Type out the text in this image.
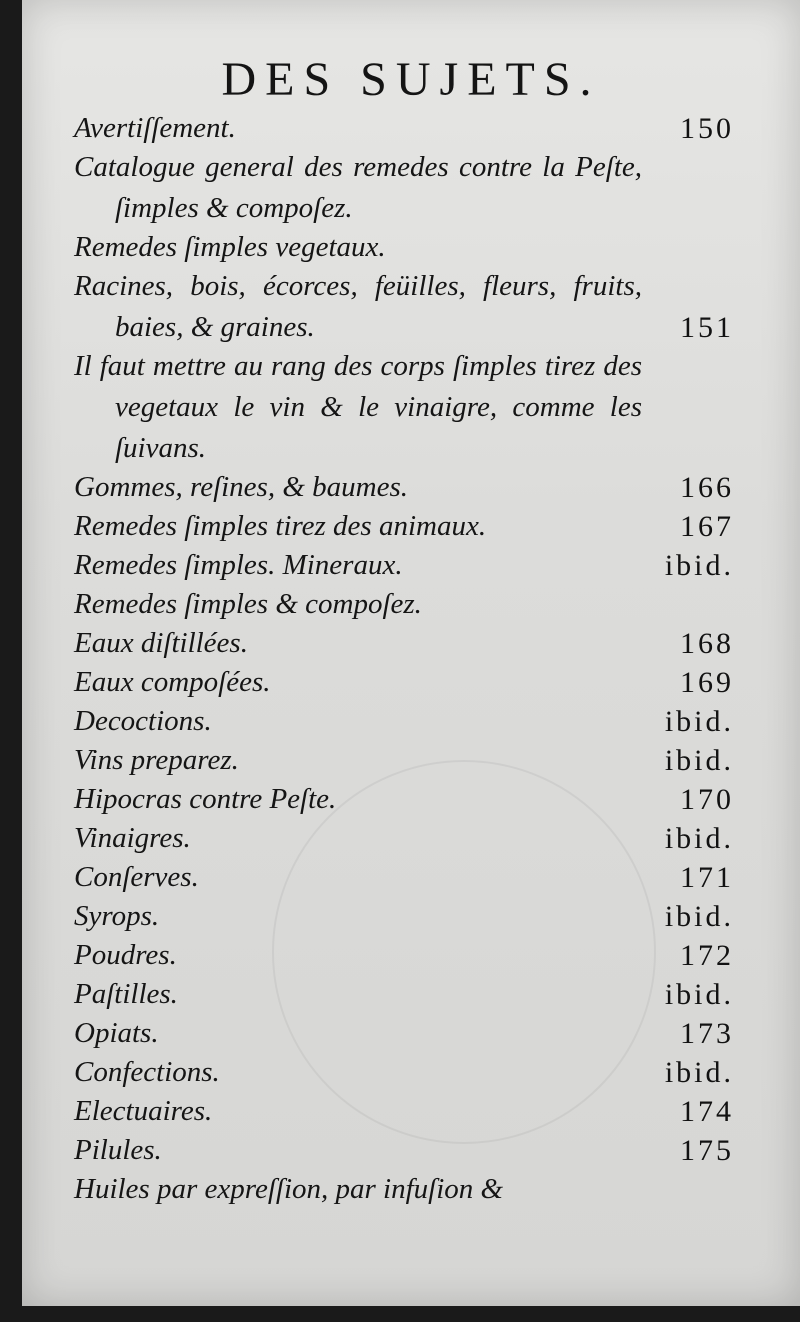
DES SUJETS.
Avertiſſement.	150
Catalogue general des remedes contre la Peſte, ſimples & compoſez.
Remedes ſimples vegetaux.
Racines, bois, écorces, feüilles, fleurs, fruits, baies, & graines.	151
Il faut mettre au rang des corps ſimples tirez des vegetaux le vin & le vinaigre, comme les ſuivans.
Gommes, reſines, & baumes.	166
Remedes ſimples tirez des animaux.	167
Remedes ſimples. Mineraux.	ibid.
Remedes ſimples & compoſez.
Eaux diſtillées.	168
Eaux compoſées.	169
Decoctions.	ibid.
Vins preparez.	ibid.
Hipocras contre Peſte.	170
Vinaigres.	ibid.
Conſerves.	171
Syrops.	ibid.
Poudres.	172
Paſtilles.	ibid.
Opiats.	173
Confections.	ibid.
Electuaires.	174
Pilules.	175
Huiles par expreſſion, par infuſion &
